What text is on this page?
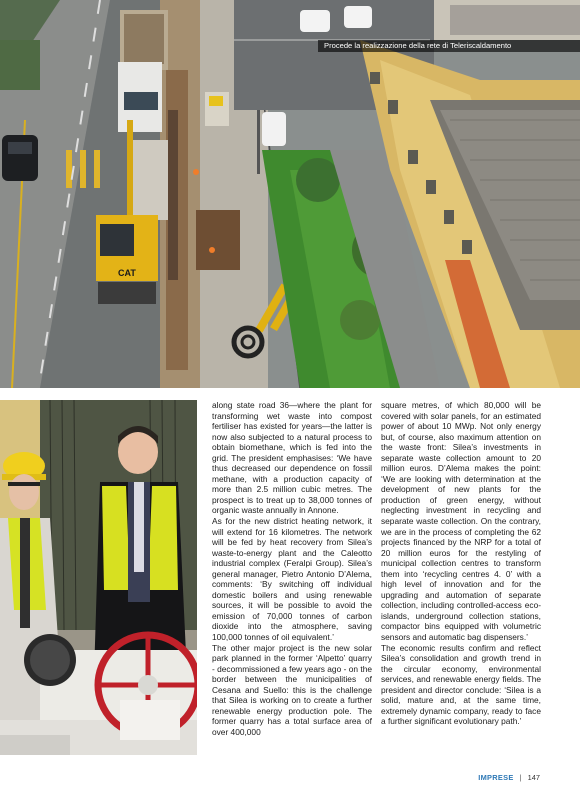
CAT
Procede la realizzazione della rete di Teleriscaldamento

along state road 36—where the plant for transforming wet waste into compost fertiliser has existed for years—the latter is now also subjected to a natural process to obtain biomethane, which is fed into the grid. The president emphasises: ‘We have thus decreased our dependence on fossil methane, with a production capacity of more than 2.5 million cubic metres. The prospect is to treat up to 38,000 tonnes of organic waste annually in Annone.

As for the new district heating network, it will extend for 16 kilometres. The network will be fed by heat recovery from Silea’s waste-to-energy plant and the Caleotto industrial complex (Feralpi Group). Silea’s general manager, Pietro Antonio D’Alema, comments: ‘By switching off individual domestic boilers and using renewable sources, it will be possible to avoid the emission of 70,000 tonnes of carbon dioxide into the atmosphere, saving 100,000 tonnes of oil equivalent.’

The other major project is the new solar park planned in the former ‘Alpetto’ quarry - decommissioned a few years ago - on the border between the municipalities of Cesana and Suello: this is the challenge that Silea is working on to create a further renewable energy production pole. The former quarry has a total surface area of over 400,000

square metres, of which 80,000 will be covered with solar panels, for an estimated power of about 10 MWp. Not only energy but, of course, also maximum attention on the waste front: Silea’s investments in separate waste collection amount to 20 million euros. D’Alema makes the point: ‘We are looking with determination at the development of new plants for the production of green energy, without neglecting investment in recycling and separate waste collection. On the contrary, we are in the process of completing the 62 projects financed by the NRP for a total of 20 million euros for the restyling of municipal collection centres to transform them into ‘recycling centres 4. 0’ with a high level of innovation and for the upgrading and automation of separate collection, including controlled-access eco-islands, underground collection stations, compactor bins equipped with volumetric sensors and automatic bag dispensers.’

The economic results confirm and reflect Silea’s consolidation and growth trend in the circular economy, environmental services, and renewable energy fields. The president and director conclude: ‘Silea is a solid, mature and, at the same time, extremely dynamic company, ready to face a further significant evolutionary path.’

IMPRESE | 147
